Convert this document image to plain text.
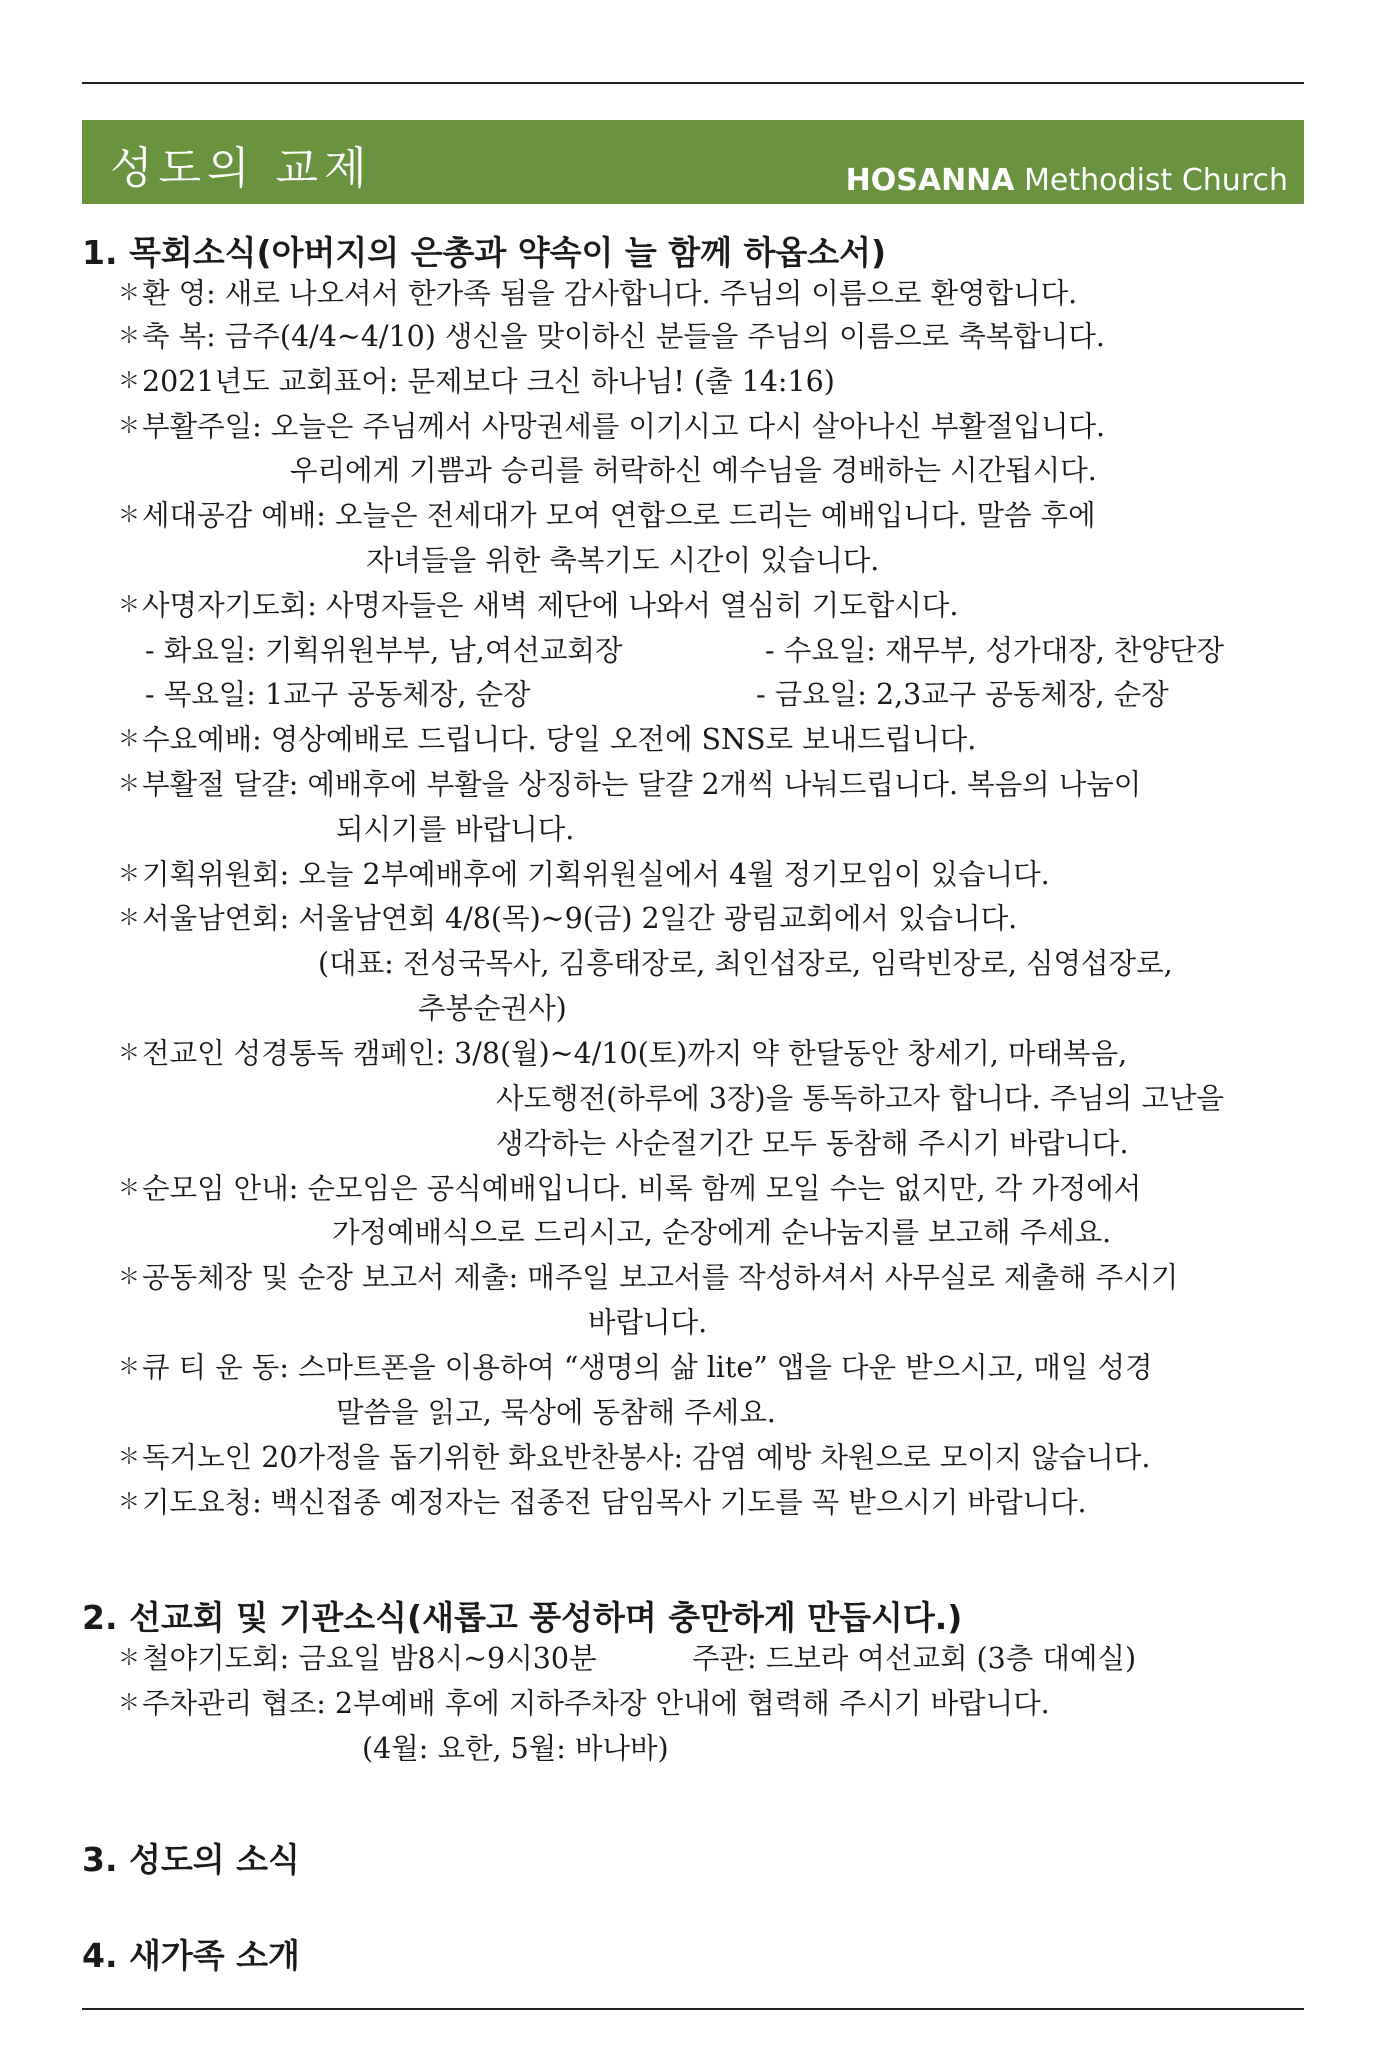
성도의 교제	HOSANNA Methodist Church
1. 목회소식(아버지의 은총과 약속이 늘 함께 하옵소서)
＊ 환 영: 새로 나오셔서 한가족 됨을 감사합니다. 주님의 이름으로 환영합니다.
＊ 축 복: 금주(4/4~4/10) 생신을 맞이하신 분들을 주님의 이름으로 축복합니다.
＊ 2021년도 교회표어: 문제보다 크신 하나님! (출 14:16)
＊ 부활주일: 오늘은 주님께서 사망권세를 이기시고 다시 살아나신 부활절입니다.
우리에게 기쁨과 승리를 허락하신 예수님을 경배하는 시간됩시다.
＊ 세대공감 예배: 오늘은 전세대가 모여 연합으로 드리는 예배입니다. 말씀 후에
자녀들을 위한 축복기도 시간이 있습니다.
＊ 사명자기도회: 사명자들은 새벽 제단에 나와서 열심히 기도합시다.
- 화요일: 기획위원부부, 남,여선교회장	- 수요일: 재무부, 성가대장, 찬양단장
- 목요일: 1교구 공동체장, 순장	- 금요일: 2,3교구 공동체장, 순장
＊ 수요예배: 영상예배로 드립니다. 당일 오전에 SNS로 보내드립니다.
＊ 부활절 달걀: 예배후에 부활을 상징하는 달걀 2개씩 나눠드립니다. 복음의 나눔이
되시기를 바랍니다.
＊ 기획위원회: 오늘 2부예배후에 기획위원실에서 4월 정기모임이 있습니다.
＊ 서울남연회: 서울남연회 4/8(목)~9(금) 2일간 광림교회에서 있습니다.
(대표: 전성국목사, 김흥태장로, 최인섭장로, 임락빈장로, 심영섭장로,
추봉순권사)
＊ 전교인 성경통독 캠페인: 3/8(월)~4/10(토)까지 약 한달동안 창세기, 마태복음,
사도행전(하루에 3장)을 통독하고자 합니다. 주님의 고난을
생각하는 사순절기간 모두 동참해 주시기 바랍니다.
＊ 순모임 안내: 순모임은 공식예배입니다. 비록 함께 모일 수는 없지만, 각 가정에서
가정예배식으로 드리시고, 순장에게 순나눔지를 보고해 주세요.
＊ 공동체장 및 순장 보고서 제출: 매주일 보고서를 작성하셔서 사무실로 제출해 주시기
바랍니다.
＊ 큐 티 운 동: 스마트폰을 이용하여 “생명의 삶 lite” 앱을 다운 받으시고, 매일 성경
말씀을 읽고, 묵상에 동참해 주세요.
＊ 독거노인 20가정을 돕기위한 화요반찬봉사: 감염 예방 차원으로 모이지 않습니다.
＊ 기도요청: 백신접종 예정자는 접종전 담임목사 기도를 꼭 받으시기 바랍니다.
2. 선교회 및 기관소식(새롭고 풍성하며 충만하게 만듭시다.)
＊ 철야기도회: 금요일 밤8시~9시30분	주관: 드보라 여선교회 (3층 대예실)
＊ 주차관리 협조: 2부예배 후에 지하주차장 안내에 협력해 주시기 바랍니다.
(4월: 요한, 5월: 바나바)
3. 성도의 소식
4. 새가족 소개
